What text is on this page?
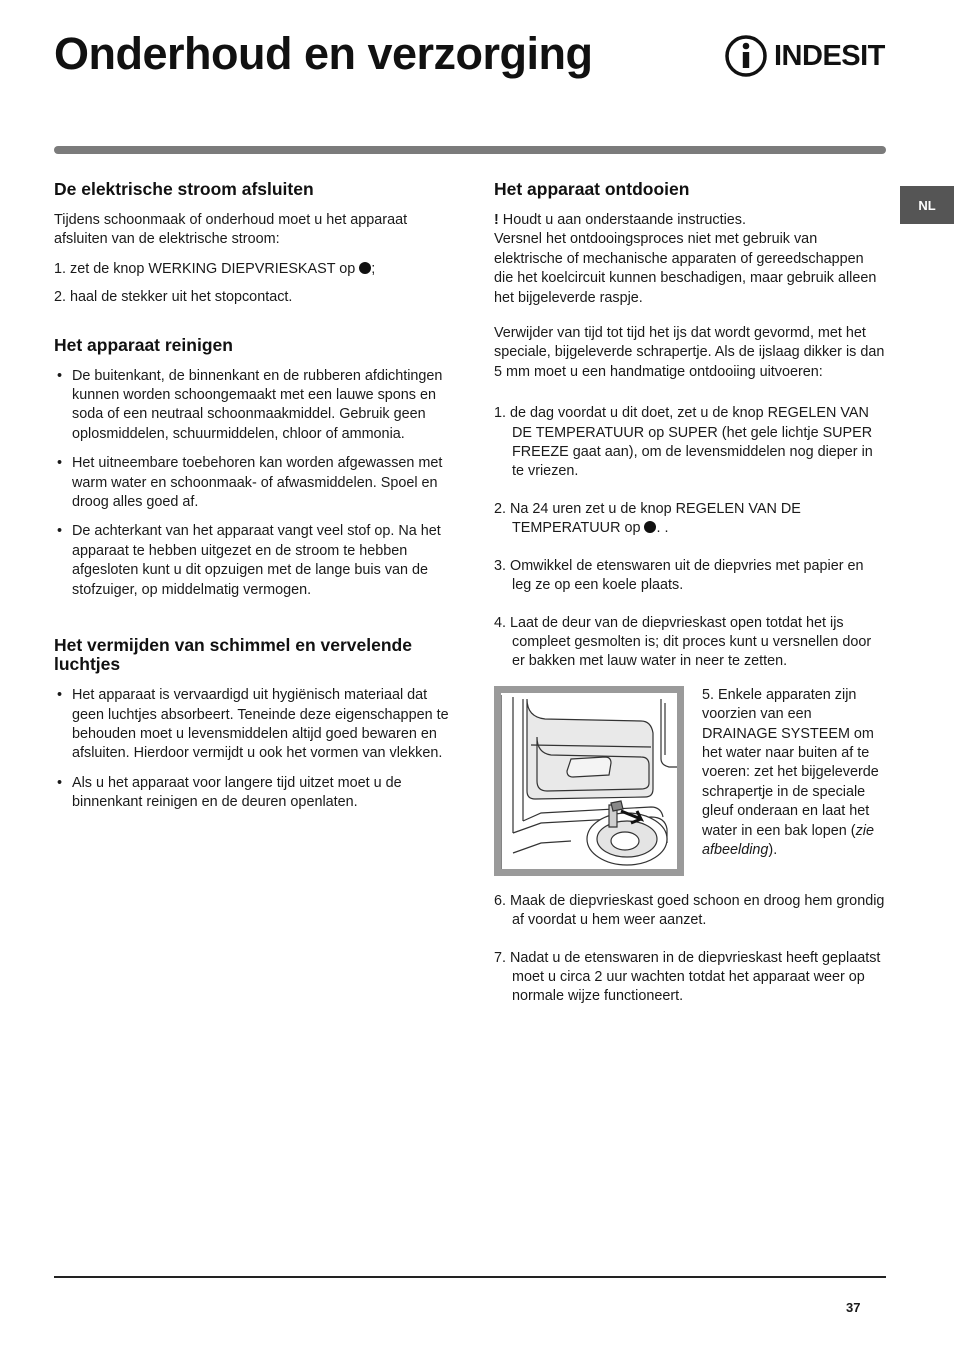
Onderhoud en verzorging	INDESIT
NL
De elektrische stroom afsluiten

Tijdens schoonmaak of onderhoud moet u het apparaat afsluiten van de elektrische stroom:

1. zet de knop WERKING DIEPVRIESKAST op ;

2. haal de stekker uit het stopcontact.

Het apparaat reinigen
• De buitenkant, de binnenkant en de rubberen afdichtingen kunnen worden schoongemaakt met een lauwe spons en soda of een neutraal schoonmaakmiddel. Gebruik geen oplosmiddelen, schuurmiddelen, chloor of ammonia.
• Het uitneembare toebehoren kan worden afgewassen met warm water en schoonmaak- of afwasmiddelen. Spoel en droog alles goed af.
• De achterkant van het apparaat vangt veel stof op. Na het apparaat te hebben uitgezet en de stroom te hebben afgesloten kunt u dit opzuigen met de lange buis van de stofzuiger, op middelmatig vermogen.
Het vermijden van schimmel en vervelende luchtjes
• Het apparaat is vervaardigd uit hygiënisch materiaal dat geen luchtjes absorbeert. Teneinde deze eigenschappen te behouden moet u levensmiddelen altijd goed bewaren en afsluiten. Hierdoor vermijdt u ook het vormen van vlekken.
• Als u het apparaat voor langere tijd uitzet moet u de binnenkant reinigen en de deuren openlaten.
Het apparaat ontdooien

! Houdt u aan onderstaande instructies.

Versnel het ontdooingsproces niet met gebruik van elektrische of mechanische apparaten of gereedschappen die het koelcircuit kunnen beschadigen, maar gebruik alleen het bijgeleverde raspje.

Verwijder van tijd tot tijd het ijs dat wordt gevormd, met het speciale, bijgeleverde schrapertje. Als de ijslaag dikker is dan 5 mm moet u een handmatige ontdooiing uitvoeren:

1. de dag voordat u dit doet, zet u de knop REGELEN VAN DE TEMPERATUUR op SUPER (het gele lichtje SUPER FREEZE gaat aan), om de levensmiddelen nog dieper in te vriezen.

2. Na 24 uren zet u de knop REGELEN VAN DE TEMPERATUUR op . .

3. Omwikkel de etenswaren uit de diepvries met papier en leg ze op een koele plaats.

4. Laat de deur van de diepvrieskast open totdat het ijs compleet gesmolten is; dit proces kunt u versnellen door er bakken met lauw water in neer te zetten.

5. Enkele apparaten zijn voorzien van een DRAINAGE SYSTEEM om het water naar buiten af te voeren: zet het bijgeleverde schrapertje in de speciale gleuf onderaan en laat het water in een bak lopen (zie afbeelding).

6. Maak de diepvrieskast goed schoon en droog hem grondig af voordat u hem weer aanzet.

7. Nadat u de etenswaren in de diepvrieskast heeft geplaatst moet u circa 2 uur wachten totdat het apparaat weer op normale wijze functioneert.

37
